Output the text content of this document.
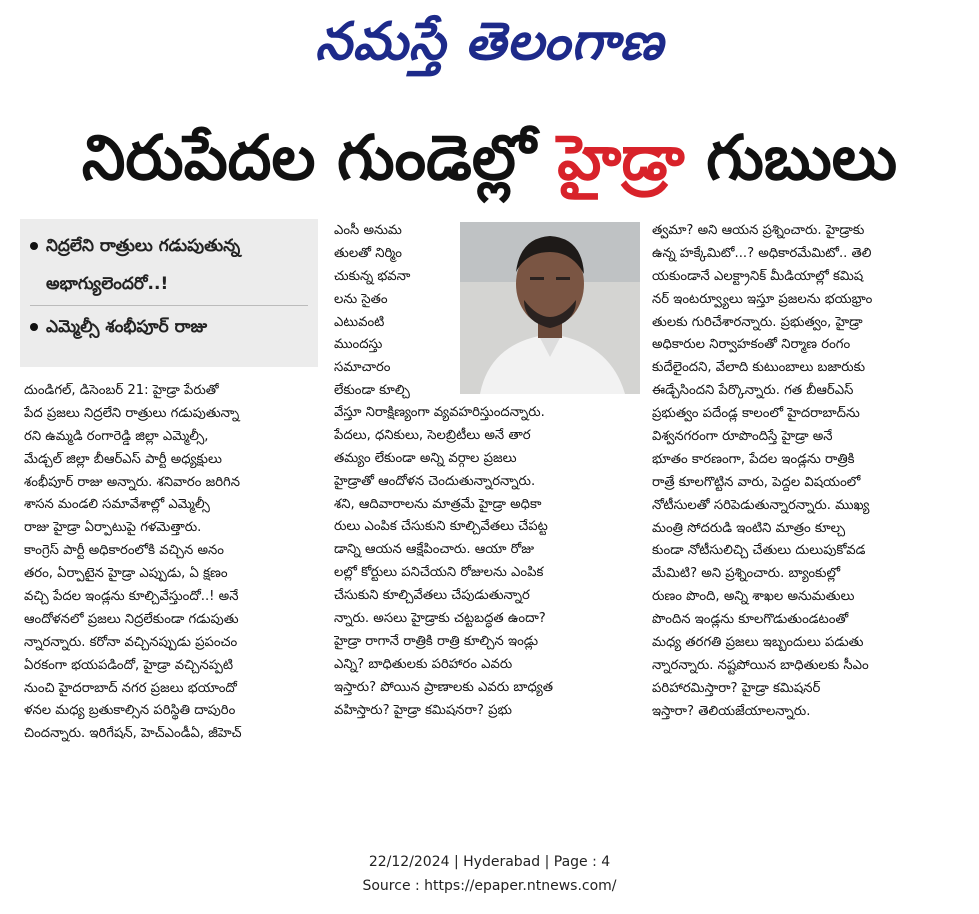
నమస్తే తెలంగాణ
నిరుపేదల గుండెల్లో హైడ్రా గుబులు
నిద్రలేని రాత్రులు గడుపుతున్న
అభాగ్యులెందరో..!
ఎమ్మెల్సీ శంభీపూర్ రాజు
ఎంసీ అనుమ
తులతో నిర్మిం
చుకున్న భవనా
లను సైతం
ఎటువంటి
ముందస్తు
సమాచారం
లేకుండా కూల్చి
దుండిగల్, డిసెంబర్ 21: హైడ్రా పేరుతో
పేద ప్రజలు నిద్రలేని రాత్రులు గడుపుతున్నా
రని ఉమ్మడి రంగారెడ్డి జిల్లా ఎమ్మెల్సీ,
మేడ్చల్ జిల్లా బీఆర్ఎస్ పార్టీ అధ్యక్షులు
శంభీపూర్ రాజు అన్నారు. శనివారం జరిగిన
శాసన మండలి సమావేశాల్లో ఎమ్మెల్సీ
రాజు హైడ్రా ఏర్పాటుపై గళమెత్తారు.
కాంగ్రెస్ పార్టీ అధికారంలోకి వచ్చిన అనం
తరం, ఏర్పాటైన హైడ్రా ఎప్పుడు, ఏ క్షణం
వచ్చి పేదల ఇండ్లను కూల్చివేస్తుందో..! అనే
ఆందోళనలో ప్రజలు నిద్రలేకుండా గడుపుతు
న్నారన్నారు. కరోనా వచ్చినప్పుడు ప్రపంచం
ఏరకంగా భయపడిందో, హైడ్రా వచ్చినప్పటి
నుంచి హైదరాబాద్ నగర ప్రజలు భయాందో
ళనల మధ్య బ్రతుకాల్సిన పరిస్థితి దాపురిం
చిందన్నారు. ఇరిగేషన్, హెచ్ఎండీఏ, జీహెచ్
వేస్తూ నిరాక్షిణ్యంగా వ్యవహరిస్తుందన్నారు.
పేదలు, ధనికులు, సెలబ్రిటీలు అనే తార
తమ్యం లేకుండా అన్ని వర్గాల ప్రజలు
హైడ్రాతో ఆందోళన చెందుతున్నారన్నారు.
శని, ఆదివారాలను మాత్రమే హైడ్రా అధికా
రులు ఎంపిక చేసుకుని కూల్చివేతలు చేపట్ట
డాన్ని ఆయన ఆక్షేపించారు. ఆయా రోజు
లల్లో కోర్టులు పనిచేయని రోజులను ఎంపిక
చేసుకుని కూల్చివేతలు చేపుడుతున్నార
న్నారు. అసలు హైడ్రాకు చట్టబద్ధత ఉందా?
హైడ్రా రాగానే రాత్రికి రాత్రి కూల్చిన ఇండ్లు
ఎన్ని? బాధితులకు పరిహారం ఎవరు
ఇస్తారు? పోయిన ప్రాణాలకు ఎవరు బాధ్యత
వహిస్తారు? హైడ్రా కమిషనరా? ప్రభు
త్వమా? అని ఆయన ప్రశ్నించారు. హైడ్రాకు
ఉన్న హక్కేమిటో...? అధికారమేమిటో.. తెలి
యకుండానే ఎలక్ట్రానిక్ మీడియాల్లో కమిష
నర్ ఇంటర్వ్యూలు ఇస్తూ ప్రజలను భయభ్రాం
తులకు గురిచేశారన్నారు. ప్రభుత్వం, హైడ్రా
అధికారుల నిర్వాహకంతో నిర్మాణ రంగం
కుదేలైందని, వేలాది కుటుంబాలు బజారుకు
ఈడ్చేసిందని పేర్కొన్నారు. గత బీఆర్ఎస్
ప్రభుత్వం పదేండ్ల కాలంలో హైదరాబాద్‌ను
విశ్వనగరంగా రూపొందిస్తే హైడ్రా అనే
భూతం కారణంగా, పేదల ఇండ్లను రాత్రికి
రాత్రే కూలగొట్టిన వారు, పెద్దల విషయంలో
నోటీసులతో సరిపెడుతున్నారన్నారు. ముఖ్య
మంత్రి సోదరుడి ఇంటిని మాత్రం కూల్చ
కుండా నోటీసులిచ్చి చేతులు దులుపుకోవడ
మేమిటి? అని ప్రశ్నించారు. బ్యాంకుల్లో
రుణం పొంది, అన్ని శాఖల అనుమతులు
పొందిన ఇండ్లను కూలగొడుతుండటంతో
మధ్య తరగతి ప్రజలు ఇబ్బందులు పడుతు
న్నారన్నారు. నష్టపోయిన బాధితులకు సీఎం
పరిహారమిస్తారా? హైడ్రా కమిషనర్
ఇస్తారా? తెలియజేయాలన్నారు.
22/12/2024 | Hyderabad | Page : 4
Source : https://epaper.ntnews.com/
